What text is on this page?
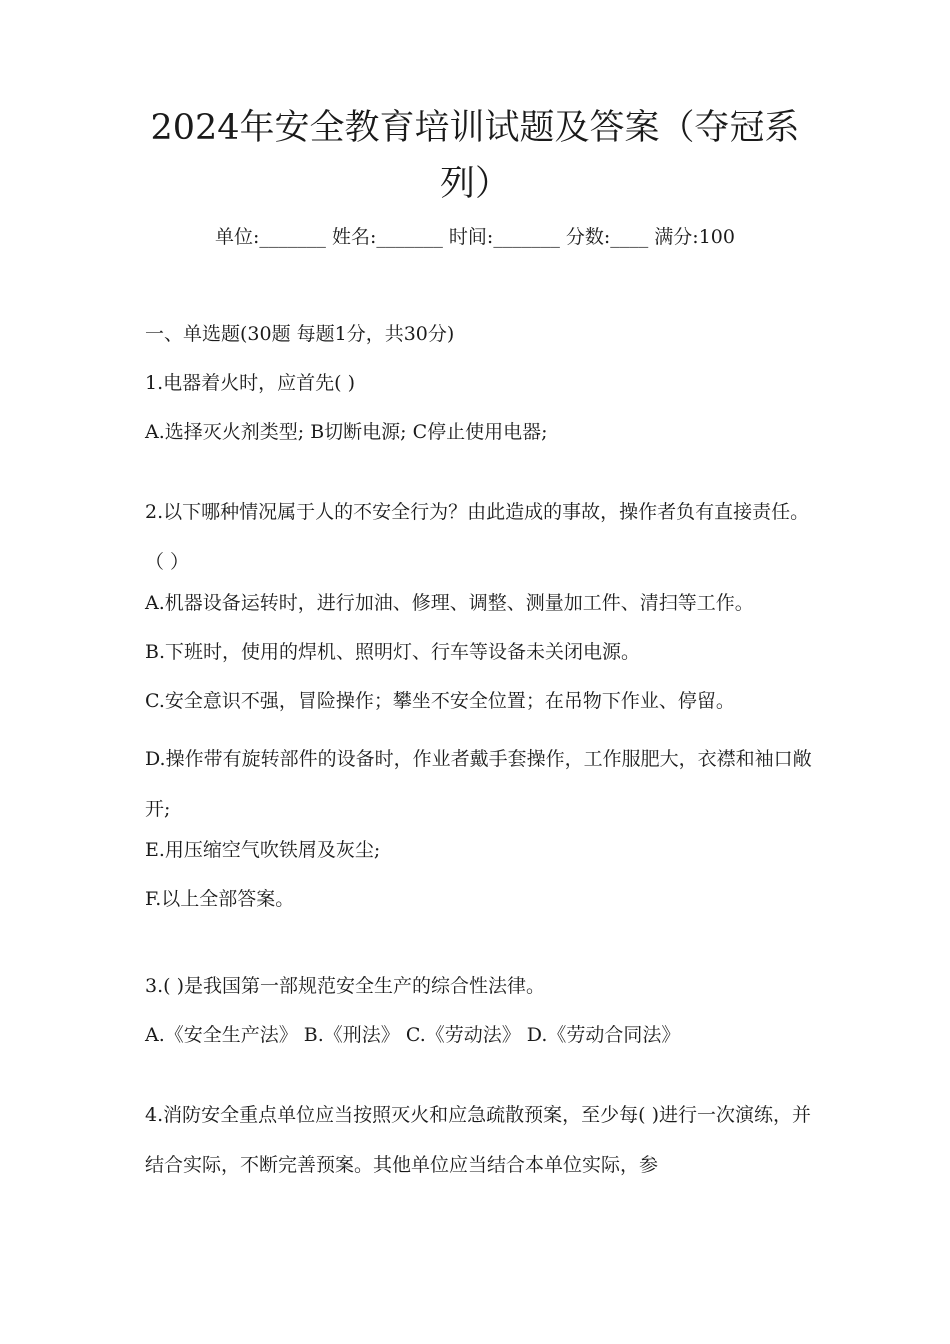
2024年安全教育培训试题及答案（夺冠系列）
单位:_______ 姓名:_______ 时间:_______ 分数:____ 满分:100

一、单选题(30题 每题1分，共30分)

1.电器着火时，应首先( )

A.选择灭火剂类型; B切断电源; C停止使用电器;

2.以下哪种情况属于人的不安全行为？由此造成的事故，操作者负有直接责任。（ ）

A.机器设备运转时，进行加油、修理、调整、测量加工件、清扫等工作。

B.下班时，使用的焊机、照明灯、行车等设备未关闭电源。

C.安全意识不强，冒险操作；攀坐不安全位置；在吊物下作业、停留。

D.操作带有旋转部件的设备时，作业者戴手套操作，工作服肥大，衣襟和袖口敞开;

E.用压缩空气吹铁屑及灰尘;

F.以上全部答案。

3.( )是我国第一部规范安全生产的综合性法律。

A.《安全生产法》 B.《刑法》 C.《劳动法》 D.《劳动合同法》

4.消防安全重点单位应当按照灭火和应急疏散预案，至少每( )进行一次演练，并结合实际，不断完善预案。其他单位应当结合本单位实际，参
